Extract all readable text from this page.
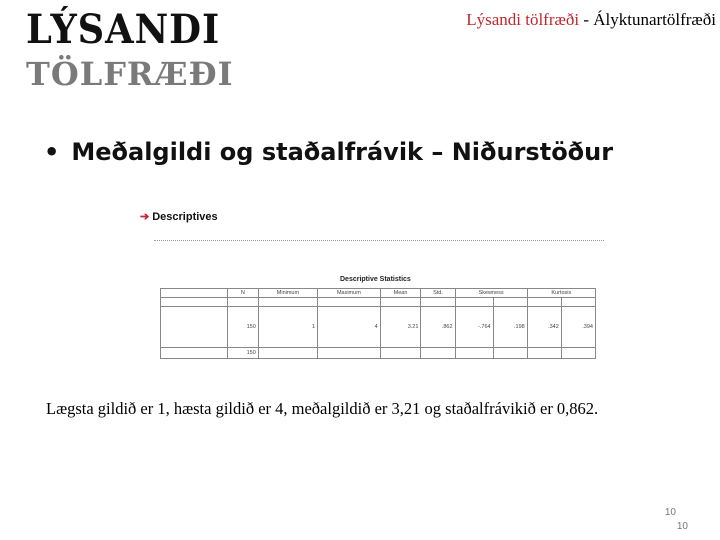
LÝSANDI
TÖLFRÆÐI
Lýsandi tölfræði - Ályktunartölfræði
• Meðalgildi og staðalfrávik – Niðurstöður
➔ Descriptives
Descriptive Statistics
	N	Minimum	Maximum	Mean	Std.	Skewness		Kurtosis	

	150	1	4	3.21	.862	-.764	.198	.342	.394
	150								
Lægsta gildið er 1, hæsta gildið er 4, meðalgildið er 3,21 og staðalfrávikið er 0,862.
10
10
